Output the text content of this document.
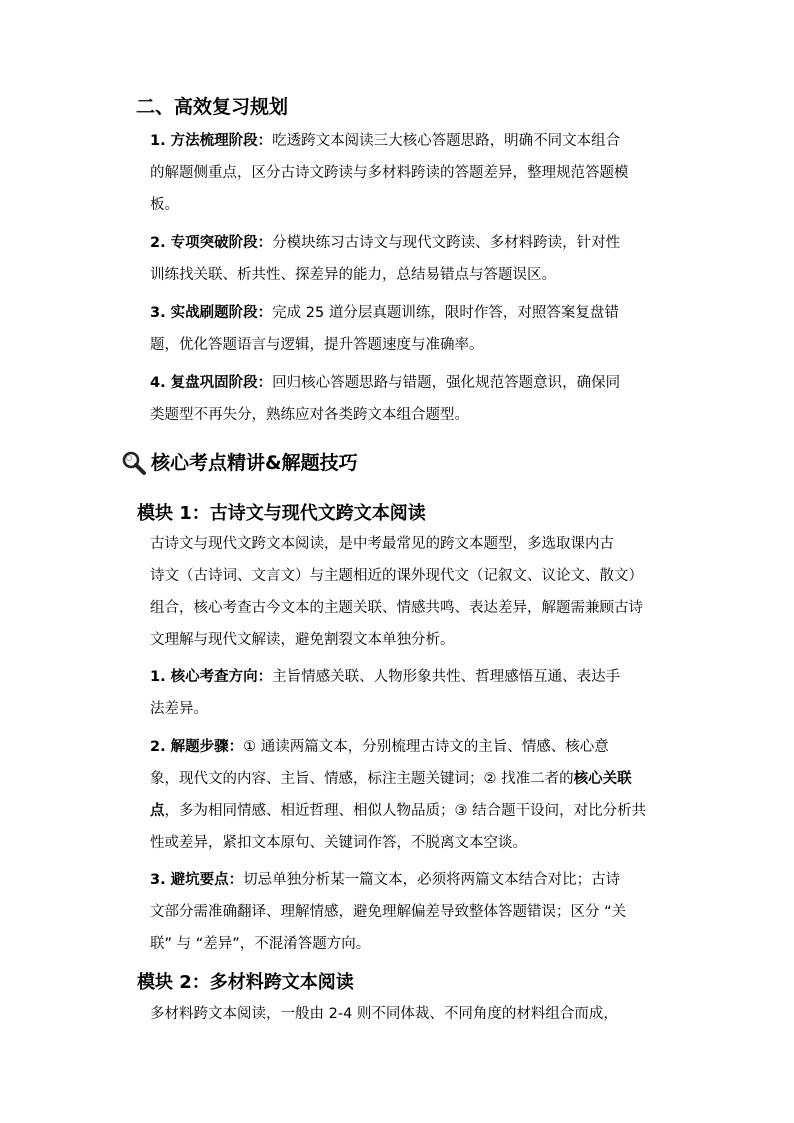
二、高效复习规划

1. 方法梳理阶段：吃透跨文本阅读三大核心答题思路，明确不同文本组合
的解题侧重点，区分古诗文跨读与多材料跨读的答题差异，整理规范答题模
板。

2. 专项突破阶段：分模块练习古诗文与现代文跨读、多材料跨读，针对性
训练找关联、析共性、探差异的能力，总结易错点与答题误区。

3. 实战刷题阶段：完成 25 道分层真题训练，限时作答，对照答案复盘错
题，优化答题语言与逻辑，提升答题速度与准确率。

4. 复盘巩固阶段：回归核心答题思路与错题，强化规范答题意识，确保同
类题型不再失分，熟练应对各类跨文本组合题型。

核心考点精讲&解题技巧
模块 1：古诗文与现代文跨文本阅读

古诗文与现代文跨文本阅读，是中考最常见的跨文本题型，多选取课内古
诗文（古诗词、文言文）与主题相近的课外现代文（记叙文、议论文、散文）
组合，核心考查古今文本的主题关联、情感共鸣、表达差异，解题需兼顾古诗
文理解与现代文解读，避免割裂文本单独分析。

1. 核心考查方向：主旨情感关联、人物形象共性、哲理感悟互通、表达手
法差异。

2. 解题步骤：① 通读两篇文本，分别梳理古诗文的主旨、情感、核心意
象，现代文的内容、主旨、情感，标注主题关键词；② 找准二者的核心关联
点，多为相同情感、相近哲理、相似人物品质；③ 结合题干设问，对比分析共
性或差异，紧扣文本原句、关键词作答，不脱离文本空谈。

3. 避坑要点：切忌单独分析某一篇文本，必须将两篇文本结合对比；古诗
文部分需准确翻译、理解情感，避免理解偏差导致整体答题错误；区分 “关
联” 与 “差异”，不混淆答题方向。

模块 2：多材料跨文本阅读

多材料跨文本阅读，一般由 2-4 则不同体裁、不同角度的材料组合而成，
